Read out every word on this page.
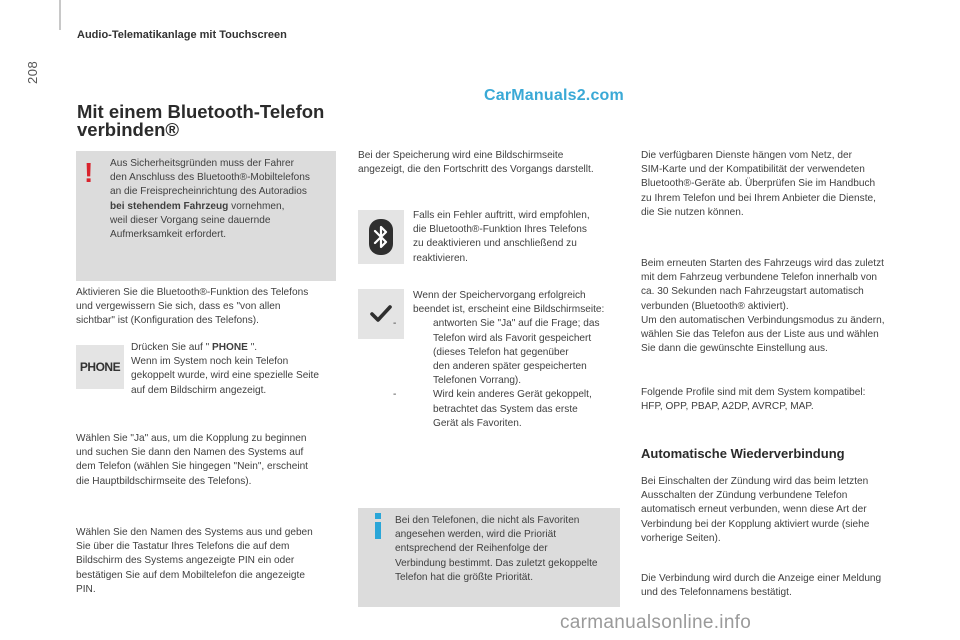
208
Audio-Telematikanlage mit Touchscreen
CarManuals2.com
Mit einem Bluetooth-Telefon
verbinden®
! Aus Sicherheitsgründen muss der Fahrer
den Anschluss des Bluetooth®-Mobiltelefons
an die Freisprecheinrichtung des Autoradios
bei stehendem Fahrzeug vornehmen,
weil dieser Vorgang seine dauernde
Aufmerksamkeit erfordert.
Aktivieren Sie die Bluetooth®-Funktion des Telefons
und vergewissern Sie sich, dass es "von allen
sichtbar" ist (Konfiguration des Telefons).
PHONE
Drücken Sie auf " PHONE ".
Wenn im System noch kein Telefon
gekoppelt wurde, wird eine spezielle Seite
auf dem Bildschirm angezeigt.
Wählen Sie "Ja" aus, um die Kopplung zu beginnen
und suchen Sie dann den Namen des Systems auf
dem Telefon (wählen Sie hingegen "Nein", erscheint
die Hauptbildschirmseite des Telefons).
Wählen Sie den Namen des Systems aus und geben
Sie über die Tastatur Ihres Telefons die auf dem
Bildschirm des Systems angezeigte PIN ein oder
bestätigen Sie auf dem Mobiltelefon die angezeigte
PIN.
Bei der Speicherung wird eine Bildschirmseite
angezeigt, die den Fortschritt des Vorgangs darstellt.
Falls ein Fehler auftritt, wird empfohlen,
die Bluetooth®-Funktion Ihres Telefons
zu deaktivieren und anschließend zu
reaktivieren.
Wenn der Speichervorgang erfolgreich
beendet ist, erscheint eine Bildschirmseite:
-	antworten Sie "Ja" auf die Frage; das
Telefon wird als Favorit gespeichert
(dieses Telefon hat gegenüber
den anderen später gespeicherten
Telefonen Vorrang).
-	Wird kein anderes Gerät gekoppelt,
betrachtet das System das erste
Gerät als Favoriten.
Bei den Telefonen, die nicht als Favoriten
angesehen werden, wird die Prioriät
entsprechend der Reihenfolge der
Verbindung bestimmt. Das zuletzt gekoppelte
Telefon hat die größte Priorität.
Die verfügbaren Dienste hängen vom Netz, der
SIM-Karte und der Kompatibilität der verwendeten
Bluetooth®-Geräte ab. Überprüfen Sie im Handbuch
zu Ihrem Telefon und bei Ihrem Anbieter die Dienste,
die Sie nutzen können.
Beim erneuten Starten des Fahrzeugs wird das zuletzt
mit dem Fahrzeug verbundene Telefon innerhalb von
ca. 30 Sekunden nach Fahrzeugstart automatisch
verbunden (Bluetooth® aktiviert).
Um den automatischen Verbindungsmodus zu ändern,
wählen Sie das Telefon aus der Liste aus und wählen
Sie dann die gewünschte Einstellung aus.
Folgende Profile sind mit dem System kompatibel:
HFP, OPP, PBAP, A2DP, AVRCP, MAP.
Automatische Wiederverbindung
Bei Einschalten der Zündung wird das beim letzten
Ausschalten der Zündung verbundene Telefon
automatisch erneut verbunden, wenn diese Art der
Verbindung bei der Kopplung aktiviert wurde (siehe
vorherige Seiten).
Die Verbindung wird durch die Anzeige einer Meldung
und des Telefonnamens bestätigt.
carmanualsonline.info
